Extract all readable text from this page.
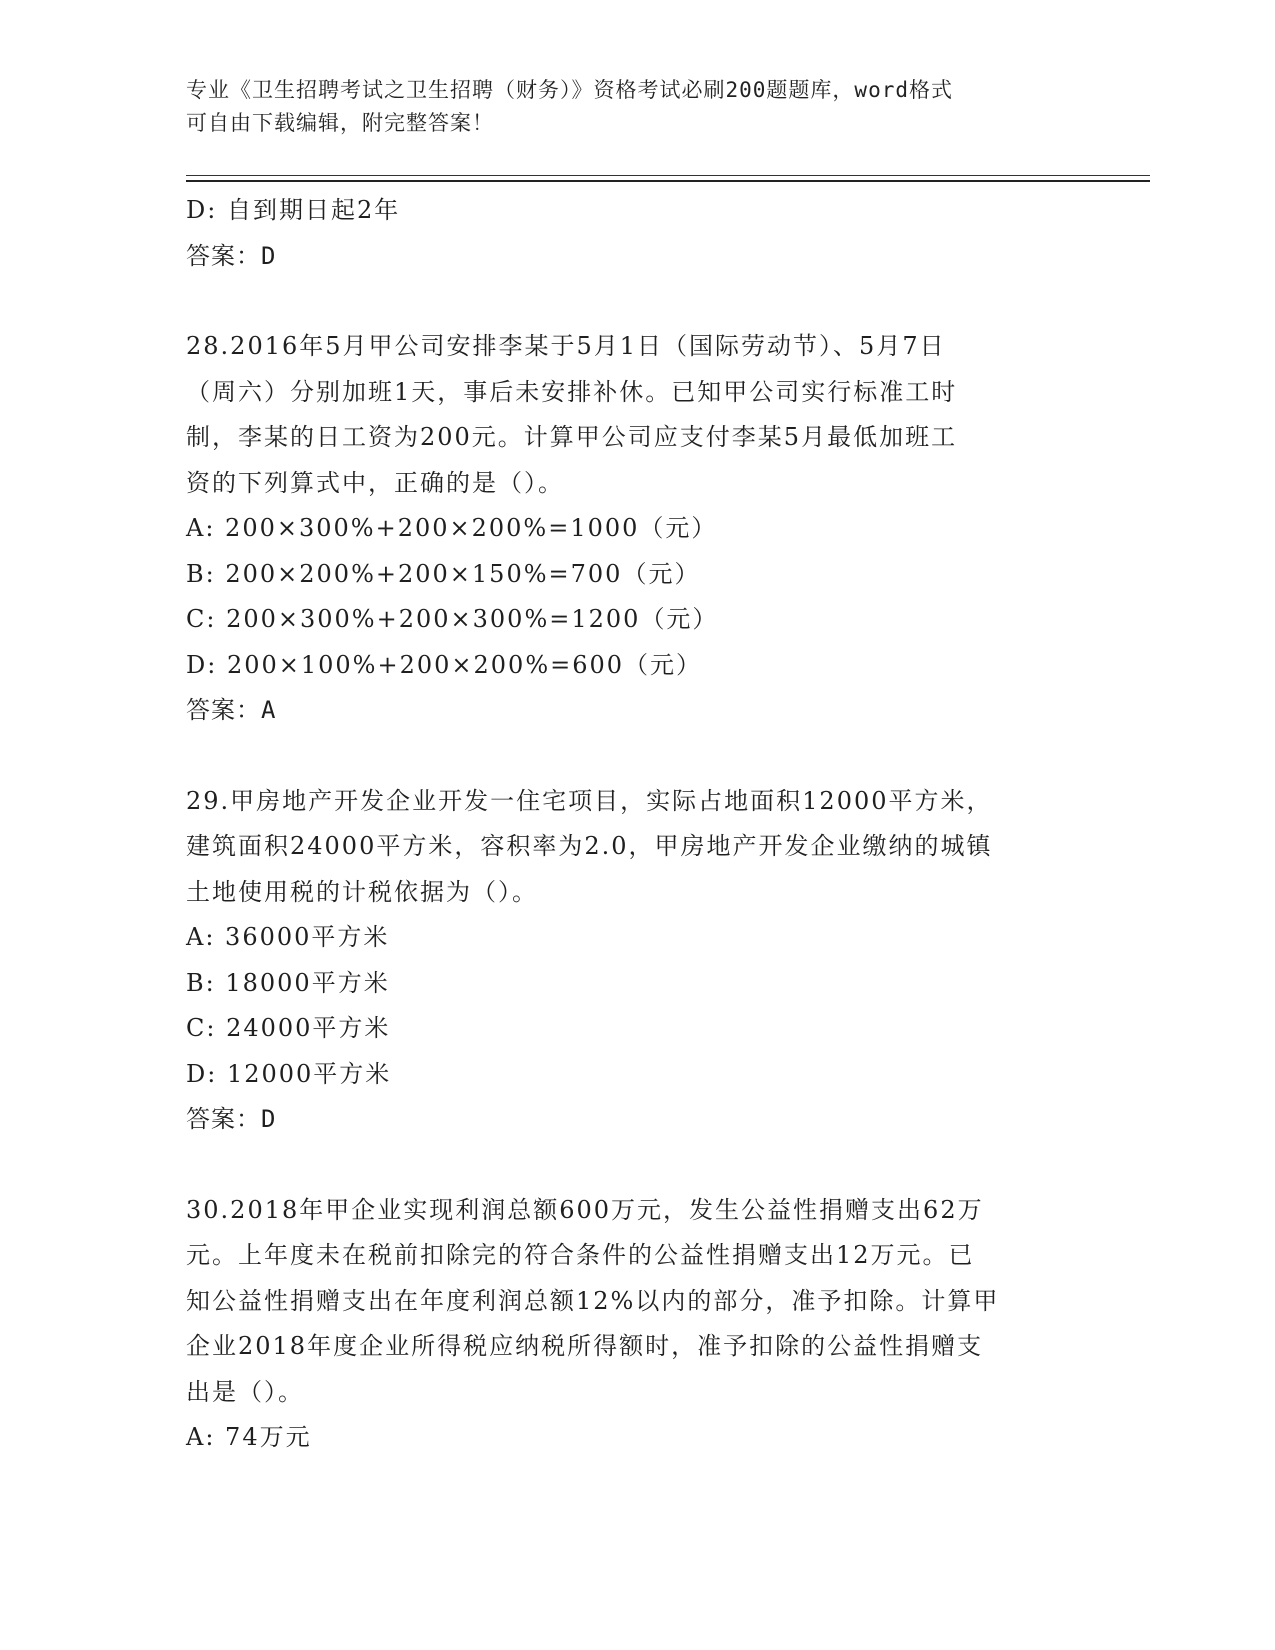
专业《卫生招聘考试之卫生招聘（财务）》资格考试必刷200题题库，word格式
可自由下载编辑，附完整答案！
D: 自到期日起2年
答案：D
28.2016年5月甲公司安排李某于5月1日（国际劳动节）、5月7日
（周六）分别加班1天，事后未安排补休。已知甲公司实行标准工时
制，李某的日工资为200元。计算甲公司应支付李某5月最低加班工
资的下列算式中，正确的是（）。
A: 200×300%+200×200%=1000（元）
B: 200×200%+200×150%=700（元）
C: 200×300%+200×300%=1200（元）
D: 200×100%+200×200%=600（元）
答案：A
29.甲房地产开发企业开发一住宅项目，实际占地面积12000平方米，
建筑面积24000平方米，容积率为2.0，甲房地产开发企业缴纳的城镇
土地使用税的计税依据为（）。
A: 36000平方米
B: 18000平方米
C: 24000平方米
D: 12000平方米
答案：D
30.2018年甲企业实现利润总额600万元，发生公益性捐赠支出62万
元。上年度未在税前扣除完的符合条件的公益性捐赠支出12万元。已
知公益性捐赠支出在年度利润总额12%以内的部分，准予扣除。计算甲
企业2018年度企业所得税应纳税所得额时，准予扣除的公益性捐赠支
出是（）。
A: 74万元
